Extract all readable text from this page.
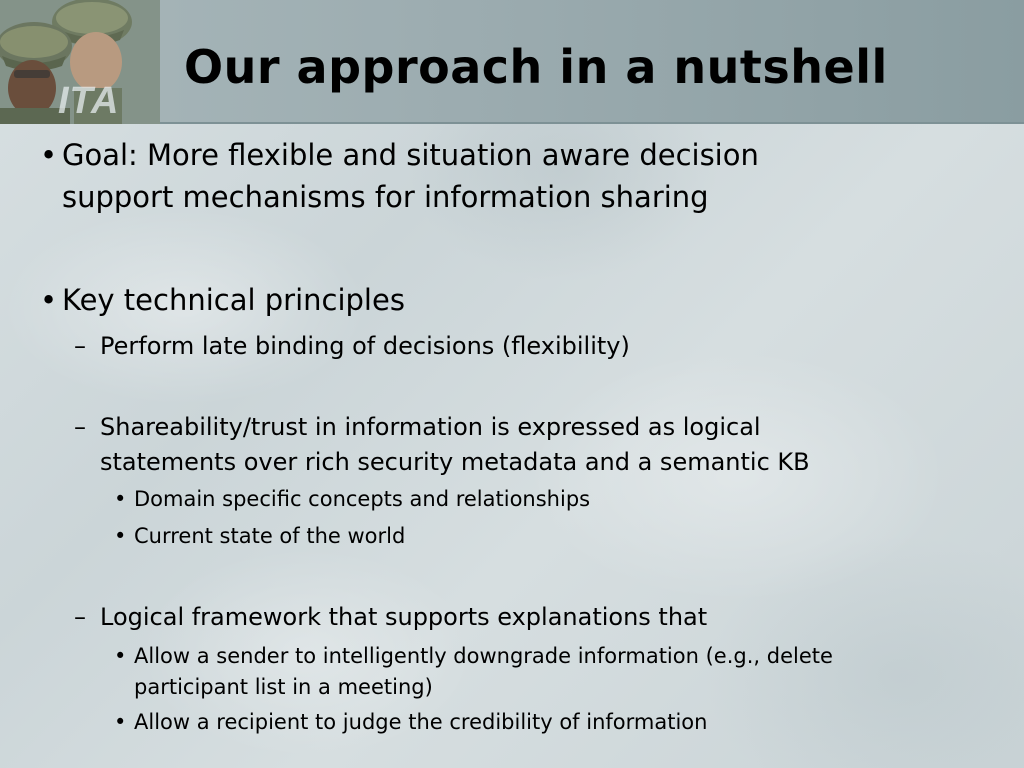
ITA
Our approach in a nutshell
• Goal: More flexible and situation aware decision
support mechanisms for information sharing
• Key technical principles
– Perform late binding of decisions (flexibility)
– Shareability/trust in information is expressed as logical
statements over rich security metadata and a semantic KB
• Domain specific concepts and relationships
• Current state of the world
– Logical framework that supports explanations that
• Allow a sender to intelligently downgrade information (e.g., delete
participant list in a meeting)
• Allow a recipient to judge the credibility of information
